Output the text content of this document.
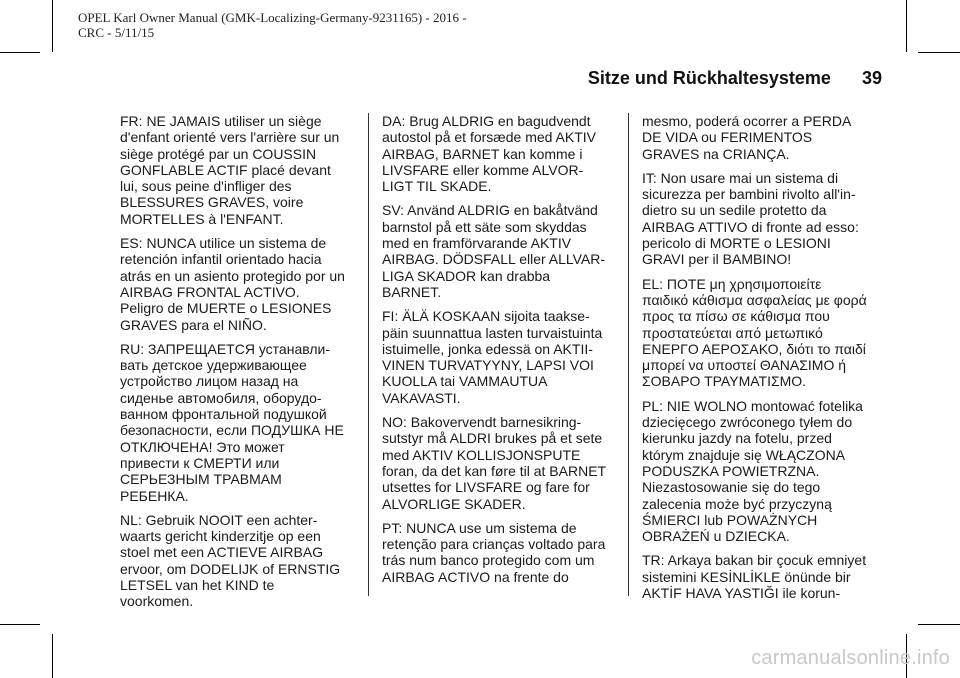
OPEL Karl Owner Manual (GMK-Localizing-Germany-9231165) - 2016 -
CRC - 5/11/15
Sitze und Rückhaltesysteme 39

FR: NE JAMAIS utiliser un siège
d'enfant orienté vers l'arrière sur un
siège protégé par un COUSSIN
GONFLABLE ACTIF placé devant
lui, sous peine d'infliger des
BLESSURES GRAVES, voire
MORTELLES à l'ENFANT.

ES: NUNCA utilice un sistema de
retención infantil orientado hacia
atrás en un asiento protegido por un
AIRBAG FRONTAL ACTIVO.
Peligro de MUERTE o LESIONES
GRAVES para el NIÑO.

RU: ЗАПРЕЩАЕТСЯ устанавли-
вать детское удерживающее
устройство лицом назад на
сиденье автомобиля, оборудо-
ванном фронтальной подушкой
безопасности, если ПОДУШКА НЕ
ОТКЛЮЧЕНА! Это может
привести к СМЕРТИ или
СЕРЬЕЗНЫМ ТРАВМАМ
РЕБЕНКА.

NL: Gebruik NOOIT een achter-
waarts gericht kinderzitje op een
stoel met een ACTIEVE AIRBAG
ervoor, om DODELIJK of ERNSTIG
LETSEL van het KIND te
voorkomen.

DA: Brug ALDRIG en bagudvendt
autostol på et forsæde med AKTIV
AIRBAG, BARNET kan komme i
LIVSFARE eller komme ALVOR-
LIGT TIL SKADE.

SV: Använd ALDRIG en bakåtvänd
barnstol på ett säte som skyddas
med en framförvarande AKTIV
AIRBAG. DÖDSFALL eller ALLVAR-
LIGA SKADOR kan drabba
BARNET.

FI: ÄLÄ KOSKAAN sijoita taakse-
päin suunnattua lasten turvaistuinta
istuimelle, jonka edessä on AKTII-
VINEN TURVATYYNY, LAPSI VOI
KUOLLA tai VAMMAUTUA
VAKAVASTI.

NO: Bakovervendt barnesikring-
sutstyr må ALDRI brukes på et sete
med AKTIV KOLLISJONSPUTE
foran, da det kan føre til at BARNET
utsettes for LIVSFARE og fare for
ALVORLIGE SKADER.

PT: NUNCA use um sistema de
retenção para crianças voltado para
trás num banco protegido com um
AIRBAG ACTIVO na frente do

mesmo, poderá ocorrer a PERDA
DE VIDA ou FERIMENTOS
GRAVES na CRIANÇA.

IT: Non usare mai un sistema di
sicurezza per bambini rivolto all'in-
dietro su un sedile protetto da
AIRBAG ATTIVO di fronte ad esso:
pericolo di MORTE o LESIONI
GRAVI per il BAMBINO!

EL: ΠΟΤΕ μη χρησιμοποιείτε
παιδικό κάθισμα ασφαλείας με φορά
προς τα πίσω σε κάθισμα που
προστατεύεται από μετωπικό
ΕΝΕΡΓΟ ΑΕΡΟΣΑΚΟ, διότι το παιδί
μπορεί να υποστεί ΘΑΝΑΣΙΜΟ ή
ΣΟΒΑΡΟ ΤΡΑΥΜΑΤΙΣΜΟ.

PL: NIE WOLNO montować fotelika
dziecięcego zwróconego tyłem do
kierunku jazdy na fotelu, przed
którym znajduje się WŁĄCZONA
PODUSZKA POWIETRZNA.
Niezastosowanie się do tego
zalecenia może być przyczyną
ŚMIERCI lub POWAŻNYCH
OBRAŻEŃ u DZIECKA.

TR: Arkaya bakan bir çocuk emniyet
sistemini KESİNLİKLE önünde bir
AKTİF HAVA YASTIĞI ile korun-

carmanualsonline.info
